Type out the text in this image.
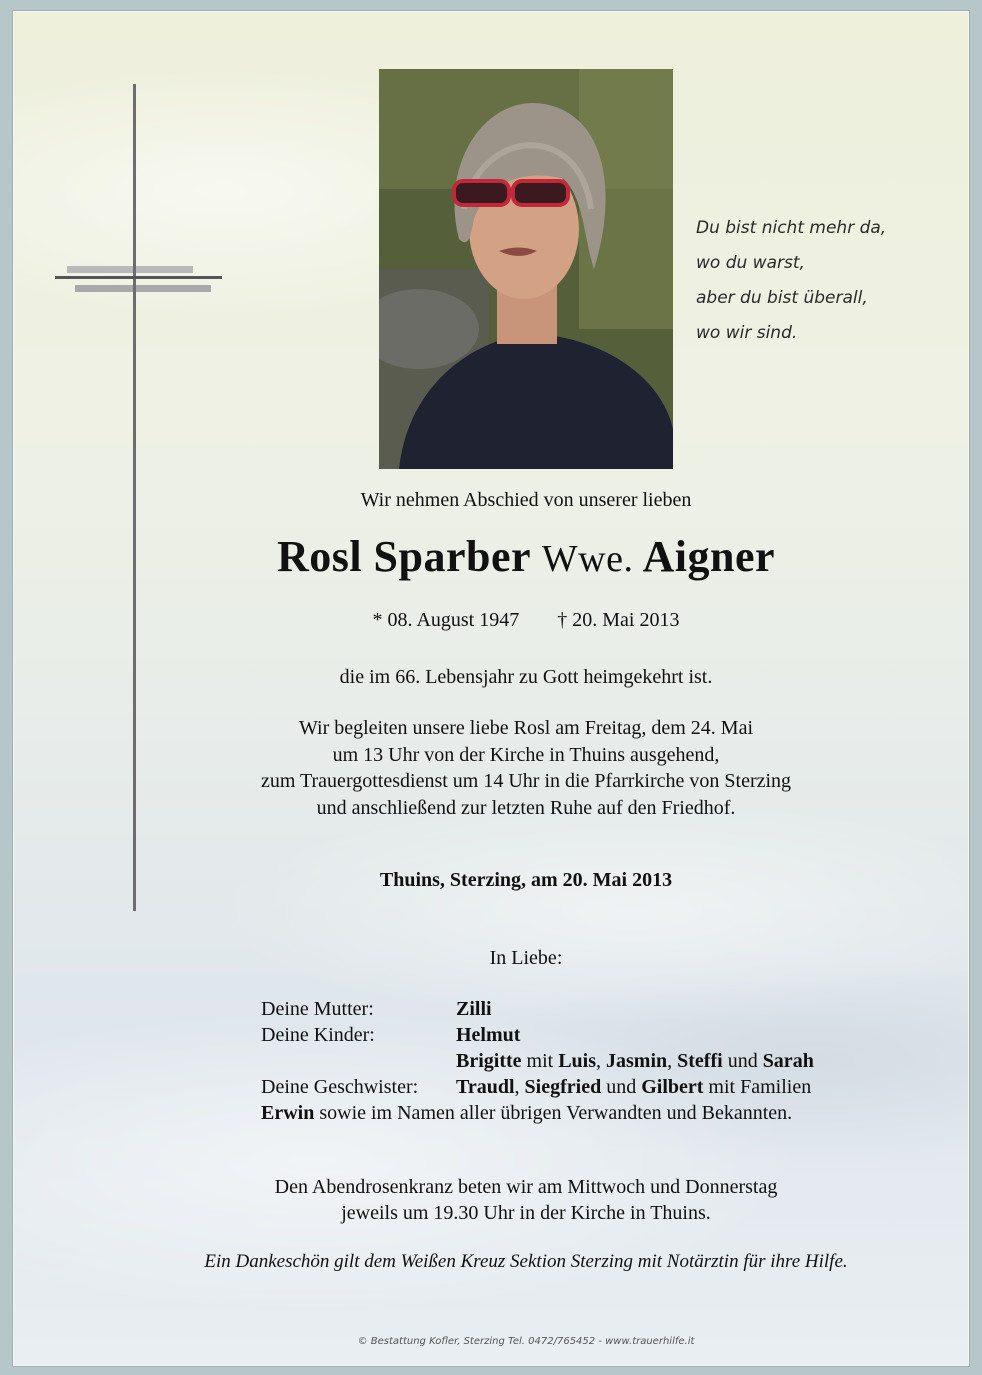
Du bist nicht mehr da,
wo du warst,
aber du bist überall,
wo wir sind.
Wir nehmen Abschied von unserer lieben
Rosl Sparber Wwe. Aigner
* 08. August 1947 † 20. Mai 2013
die im 66. Lebensjahr zu Gott heimgekehrt ist.
Wir begleiten unsere liebe Rosl am Freitag, dem 24. Mai
um 13 Uhr von der Kirche in Thuins ausgehend,
zum Trauergottesdienst um 14 Uhr in die Pfarrkirche von Sterzing
und anschließend zur letzten Ruhe auf den Friedhof.
Thuins, Sterzing, am 20. Mai 2013
In Liebe:
Deine Mutter:	Zilli
Deine Kinder:	Helmut
Brigitte mit Luis, Jasmin, Steffi und Sarah
Deine Geschwister: Traudl, Siegfried und Gilbert mit Familien
Erwin sowie im Namen aller übrigen Verwandten und Bekannten.
Den Abendrosenkranz beten wir am Mittwoch und Donnerstag
jeweils um 19.30 Uhr in der Kirche in Thuins.
Ein Dankeschön gilt dem Weißen Kreuz Sektion Sterzing mit Notärztin für ihre Hilfe.
© Bestattung Kofler, Sterzing Tel. 0472/765452 - www.trauerhilfe.it
